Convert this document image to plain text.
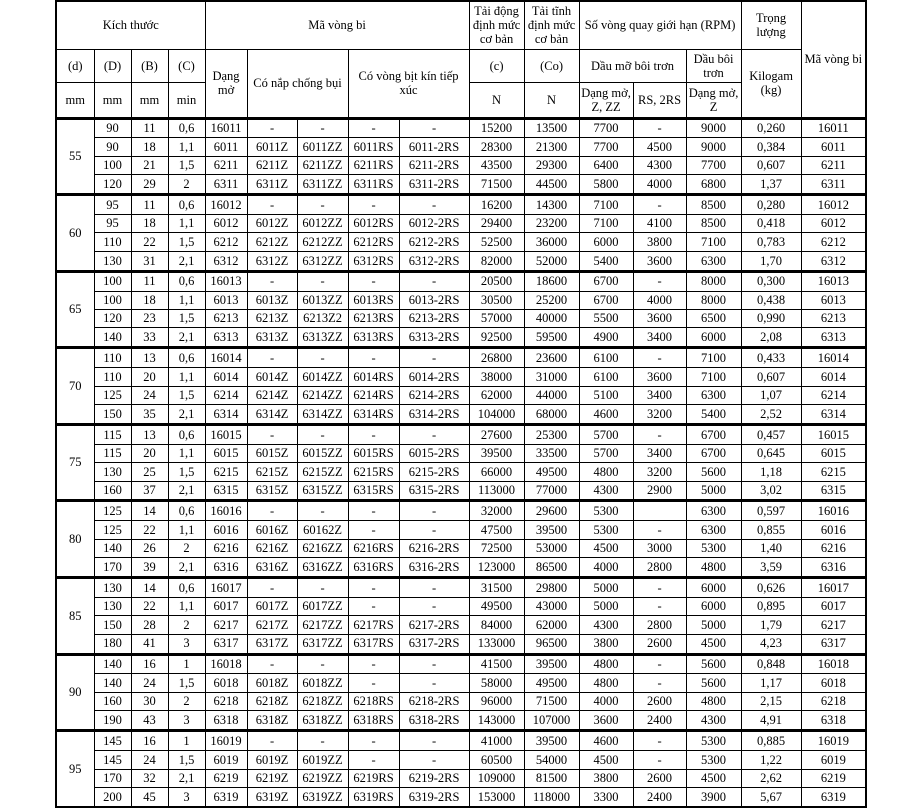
Kích thước				Mã vòng bi					Tải động định mức cơ bản	Tải tĩnh định mức cơ bản	Số vòng quay giới hạn (RPM)			Trọng lượng	Mã vòng bi
(d)	(D)	(B)	(C)	Dạng mở	Có nắp chống bụi		Có vòng bịt kín tiếp xúc		(c)	(Co)	Dầu mỡ bôi trơn		Dầu bôi trơn	Kilogam (kg)	
mm	mm	mm	min						N	N	Dạng mở, Z, ZZ	RS, 2RS	Dạng mở, Z		
55	90	11	0,6	16011	-	-	-	-	15200	13500	7700	-	9000	0,260	16011
	90	18	1,1	6011	6011Z	6011ZZ	6011RS	6011-2RS	28300	21300	7700	4500	9000	0,384	6011
	100	21	1,5	6211	6211Z	6211ZZ	6211RS	6211-2RS	43500	29300	6400	4300	7700	0,607	6211
	120	29	2	6311	6311Z	6311ZZ	6311RS	6311-2RS	71500	44500	5800	4000	6800	1,37	6311
60	95	11	0,6	16012	-	-	-	-	16200	14300	7100	-	8500	0,280	16012
	95	18	1,1	6012	6012Z	6012ZZ	6012RS	6012-2RS	29400	23200	7100	4100	8500	0,418	6012
	110	22	1,5	6212	6212Z	6212ZZ	6212RS	6212-2RS	52500	36000	6000	3800	7100	0,783	6212
	130	31	2,1	6312	6312Z	6312ZZ	6312RS	6312-2RS	82000	52000	5400	3600	6300	1,70	6312
65	100	11	0,6	16013	-	-	-	-	20500	18600	6700	-	8000	0,300	16013
	100	18	1,1	6013	6013Z	6013ZZ	6013RS	6013-2RS	30500	25200	6700	4000	8000	0,438	6013
	120	23	1,5	6213	6213Z	6213Z2	6213RS	6213-2RS	57000	40000	5500	3600	6500	0,990	6213
	140	33	2,1	6313	6313Z	6313ZZ	6313RS	6313-2RS	92500	59500	4900	3400	6000	2,08	6313
70	110	13	0,6	16014	-	-	-	-	26800	23600	6100	-	7100	0,433	16014
	110	20	1,1	6014	6014Z	6014ZZ	6014RS	6014-2RS	38000	31000	6100	3600	7100	0,607	6014
	125	24	1,5	6214	6214Z	6214ZZ	6214RS	6214-2RS	62000	44000	5100	3400	6300	1,07	6214
	150	35	2,1	6314	6314Z	6314ZZ	6314RS	6314-2RS	104000	68000	4600	3200	5400	2,52	6314
75	115	13	0,6	16015	-	-	-	-	27600	25300	5700	-	6700	0,457	16015
	115	20	1,1	6015	6015Z	6015ZZ	6015RS	6015-2RS	39500	33500	5700	3400	6700	0,645	6015
	130	25	1,5	6215	6215Z	6215ZZ	6215RS	6215-2RS	66000	49500	4800	3200	5600	1,18	6215
	160	37	2,1	6315	6315Z	6315ZZ	6315RS	6315-2RS	113000	77000	4300	2900	5000	3,02	6315
80	125	14	0,6	16016	-	-	-	-	32000	29600	5300		6300	0,597	16016
	125	22	1,1	6016	6016Z	60162Z	-	-	47500	39500	5300	-	6300	0,855	6016
	140	26	2	6216	6216Z	6216ZZ	6216RS	6216-2RS	72500	53000	4500	3000	5300	1,40	6216
	170	39	2,1	6316	6316Z	6316ZZ	6316RS	6316-2RS	123000	86500	4000	2800	4800	3,59	6316
85	130	14	0,6	16017	-	-	-	-	31500	29800	5000	-	6000	0,626	16017
	130	22	1,1	6017	6017Z	6017ZZ	-	-	49500	43000	5000	-	6000	0,895	6017
	150	28	2	6217	6217Z	6217ZZ	6217RS	6217-2RS	84000	62000	4300	2800	5000	1,79	6217
	180	41	3	6317	6317Z	6317ZZ	6317RS	6317-2RS	133000	96500	3800	2600	4500	4,23	6317
90	140	16	1	16018	-	-	-	-	41500	39500	4800	-	5600	0,848	16018
	140	24	1,5	6018	6018Z	6018ZZ	-	-	58000	49500	4800	-	5600	1,17	6018
	160	30	2	6218	6218Z	6218ZZ	6218RS	6218-2RS	96000	71500	4000	2600	4800	2,15	6218
	190	43	3	6318	6318Z	6318ZZ	6318RS	6318-2RS	143000	107000	3600	2400	4300	4,91	6318
95	145	16	1	16019	-	-	-	-	41000	39500	4600	-	5300	0,885	16019
	145	24	1,5	6019	6019Z	6019ZZ	-	-	60500	54000	4500	-	5300	1,22	6019
	170	32	2,1	6219	6219Z	6219ZZ	6219RS	6219-2RS	109000	81500	3800	2600	4500	2,62	6219
	200	45	3	6319	6319Z	6319ZZ	6319RS	6319-2RS	153000	118000	3300	2400	3900	5,67	6319
